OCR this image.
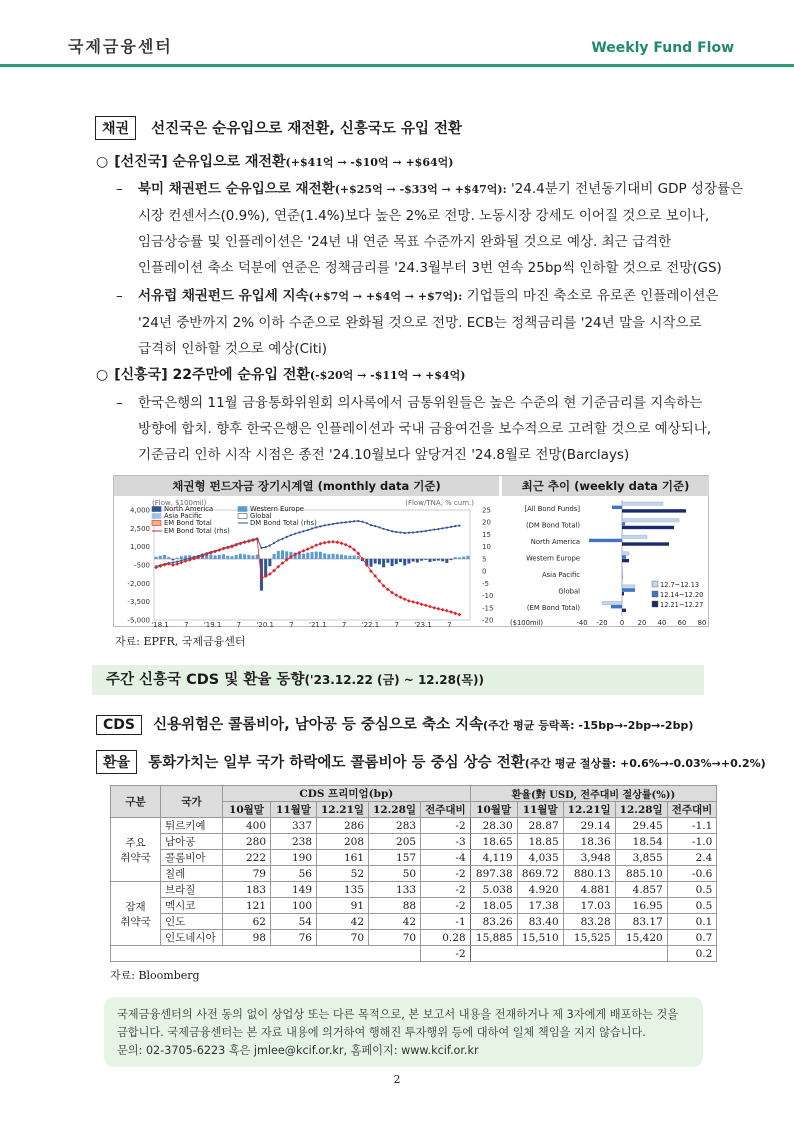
국제금융센터	Weekly Fund Flow
채권 선진국은 순유입으로 재전환, 신흥국도 유입 전환
○ [선진국] 순유입으로 재전환(+$41억 → -$10억 → +$64억)
– 북미 채권펀드 순유입으로 재전환(+$25억 → -$33억 → +$47억): '24.4분기 전년동기대비 GDP 성장률은
시장 컨센서스(0.9%), 연준(1.4%)보다 높은 2%로 전망. 노동시장 강세도 이어질 것으로 보이나,
임금상승률 및 인플레이션은 '24년 내 연준 목표 수준까지 완화될 것으로 예상. 최근 급격한
인플레이션 축소 덕분에 연준은 정책금리를 '24.3월부터 3번 연속 25bp씩 인하할 것으로 전망(GS)
– 서유럽 채권펀드 유입세 지속(+$7억 → +$4억 → +$7억): 기업들의 마진 축소로 유로존 인플레이션은
'24년 중반까지 2% 이하 수준으로 완화될 것으로 전망. ECB는 정책금리를 '24년 말을 시작으로
급격히 인하할 것으로 예상(Citi)
○ [신흥국] 22주만에 순유입 전환(-$20억 → -$11억 → +$4억)
– 한국은행의 11월 금융통화위원회 의사록에서 금통위원들은 높은 수준의 현 기준금리를 지속하는
방향에 합치. 향후 한국은행은 인플레이션과 국내 금융여건을 보수적으로 고려할 것으로 예상되나,
기준금리 인하 시작 시점은 종전 '24.10월보다 앞당겨진 '24.8월로 전망(Barclays)
채권형 펀드자금 장기시계열 (monthly data 기준)	최근 추이 (weekly data 기준)
(Flow, $100mil)	(Flow/TNA, % cum.)
4,000
2,500
1,000
-500
-2,000
-3,500
-5,000
25
20
15
10
5
0
-5
-10
-15
-20
'18.1 7 '19.1 7 '20.1 7 '21.1 7 '22.1 7 '23.1 7
North America	Western Europe
Asia Pacific	Global
EM Bond Total	DM Bond Total (rhs)
EM Bond Total (rhs)
[All Bond Funds]
(DM Bond Total)
North America
Western Europe
Asia Pacific
Global
(EM Bond Total)
($100mil)	-40 -20 0 20 40 60 80
12.7~12.13
12.14~12.20
12.21~12.27
자료: EPFR, 국제금융센터
주간 신흥국 CDS 및 환율 동향('23.12.22 (금) ~ 12.28(목))
CDS 신용위험은 콜롬비아, 남아공 등 중심으로 축소 지속(주간 평균 등락폭: -15bp→-2bp→-2bp)
환율 통화가치는 일부 국가 하락에도 콜롬비아 등 중심 상승 전환(주간 평균 절상률: +0.6%→-0.03%→+0.2%)
구분	국가	CDS 프리미엄(bp)					환율(對 USD, 전주대비 절상률(%))				
		10월말	11월말	12.21일	12.28일	전주대비	10월말	11월말	12.21일	12.28일	전주대비

주요
취약국	튀르키예	400	337	286	283	-2	28.30	28.87	29.14	29.45	-1.1
	남아공	280	238	208	205	-3	18.65	18.85	18.36	18.54	-1.0
	콜롬비아	222	190	161	157	-4	4,119	4,035	3,948	3,855	2.4
	칠레	79	56	52	50	-2	897.38	869.72	880.13	885.10	-0.6

잠재
취약국	브라질	183	149	135	133	-2	5.038	4.920	4.881	4.857	0.5
	멕시코	121	100	91	88	-2	18.05	17.38	17.03	16.95	0.5
	인도	62	54	42	42	-1	83.26	83.40	83.28	83.17	0.1
	인도네시아	98	76	70	70	0.28	15,885	15,510	15,525	15,420	0.7
						-2					0.2
자료: Bloomberg
국제금융센터의 사전 동의 없이 상업상 또는 다른 목적으로, 본 보고서 내용을 전재하거나 제 3자에게 배포하는 것을
금합니다. 국제금융센터는 본 자료 내용에 의거하여 행해진 투자행위 등에 대하여 일체 책임을 지지 않습니다.
문의: 02-3705-6223 혹은 jmlee@kcif.or.kr, 홈페이지: www.kcif.or.kr
2
